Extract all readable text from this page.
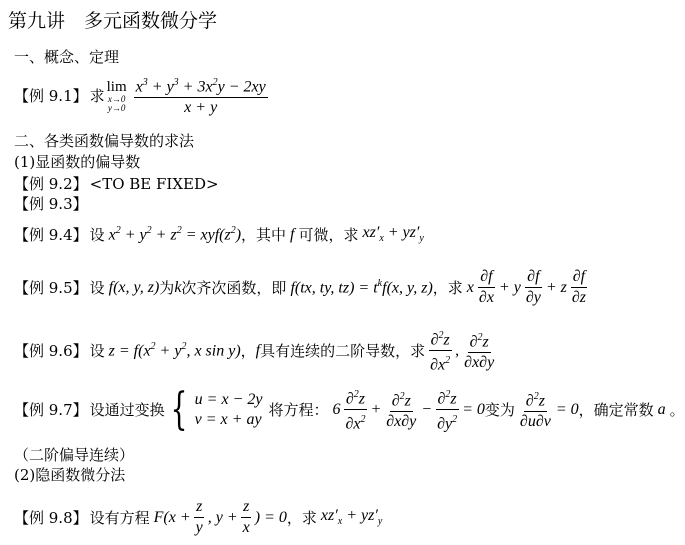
第九讲　多元函数微分学
一、概念、定理
【例 9.1】 求
lim
x→0
$y\to 0 \frac{x^3 + y^3 + 3x^2y - 2xy}{x + y}$
二、各类函数偏导数的求法
(1)显函数的偏导数
【例 9.2】 <TO BE FIXED>
【例 9.3】
【例 9.4】 设 $x^2 + y^2 + z^2 = xyf(z^2)$ ，其中 f 可微，求 $xz'_x + yz'_y$
【例 9.5】 设 f(x, y, z) 为 k 次齐次函数，即 f(tx, ty, $tz) = t^kf(x$, y, z) ，求 x $\frac{\partial f}{\partial x} + y \frac{\partial f}{\partial y} + z \frac{\partial f}{\partial z}$
【例 9.6】 设 $z = f(x^2 + y^2$, x sin y) ， f 具有连续的二阶导数，求 $\frac{\partial^2z}{\partial x^2}$ , $\frac{\partial^2z}{\partial x\partial y}$
【例 9.7】 设通过变换 { u = x − 2y
v = x + ay 将方程： $6 \frac{\partial^2z}{\partial x^2} + \frac{\partial^2z}{\partial x\partial y} - \frac{\partial^2z}{\partial y^2} = 0$ 变为 $\frac{\partial^2z}{\partial u\partial v} = 0$ ，确定常数 a 。
（二阶偏导连续）
(2)隐函数微分法
【例 9.8】 设有方程 $F(x + \frac{z}{y}$ , $y + \frac{z}{x}$ ) = 0 ，求 $xz'_x + yz'_y$
